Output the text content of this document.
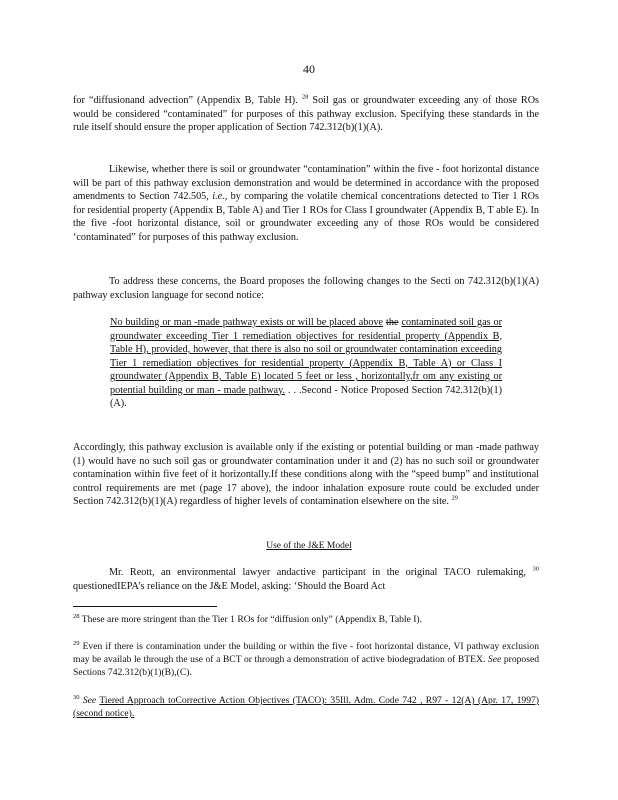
40
for “diffusionand advection” (Appendix B, Table H). $^{28}$ Soil gas or groundwater exceeding any of those ROs would be considered “contaminated” for purposes of this pathway exclusion. Specifying these standards in the rule itself should ensure the proper application of Section 742.312(b)(1)(A).
Likewise, whether there is soil or groundwater “contamination” within the five - foot horizontal distance will be part of this pathway exclusion demonstration and would be determined in accordance with the proposed amendments to Section 742.505, i.e., by comparing the volatile chemical concentrations detected to Tier 1 ROs for residential property (Appendix B, Table A) and Tier 1 ROs for Class I groundwater (Appendix B, T able E). In the five -foot horizontal distance, soil or groundwater exceeding any of those ROs would be considered ‘contaminated” for purposes of this pathway exclusion.
To address these concerns, the Board proposes the following changes to the Secti on 742.312(b)(1)(A) pathway exclusion language for second notice:
No building or man -made pathway exists or will be placed above the contaminated soil gas or groundwater exceeding Tier 1 remediation objectives for residential property (Appendix B, Table H), provided, however, that there is also no soil or groundwater contamination exceeding Tier 1 remediation objectives for residential property (Appendix B, Table A) or Class I groundwater (Appendix B, Table E) located 5 feet or less , horizontally,fr om any existing or potential building or man - made pathway. . . .Second - Notice Proposed Section 742.312(b)(1)(A).
Accordingly, this pathway exclusion is available only if the existing or potential building or man -made pathway (1) would have no such soil gas or groundwater contamination under it and (2) has no such soil or groundwater contamination within five feet of it horizontally.If these conditions along with the “speed bump” and institutional control requirements are met (page 17 above), the indoor inhalation exposure route could be excluded under Section 742.312(b)(1)(A) regardless of higher levels of contamination elsewhere on the site. $^{29}$
Use of the J&E Model
Mr. Reott, an environmental lawyer andactive participant in the original TACO rulemaking, $^{30}$ questionedIEPA’s reliance on the J&E Model, asking: ‘Should the Board Act
$^{28}$ These are more stringent than the Tier 1 ROs for “diffusion only” (Appendix B, Table I).
$^{29}$ Even if there is contamination under the building or within the five - foot horizontal distance, VI pathway exclusion may be availab le through the use of a BCT or through a demonstration of active biodegradation of BTEX. See proposed Sections 742.312(b)(1)(B),(C).
$^{30}$ See Tiered Approach toCorrective Action Objectives (TACO): 35Ill. Adm. Code 742 , R97 - 12(A) (Apr. 17, 1997) (second notice).
